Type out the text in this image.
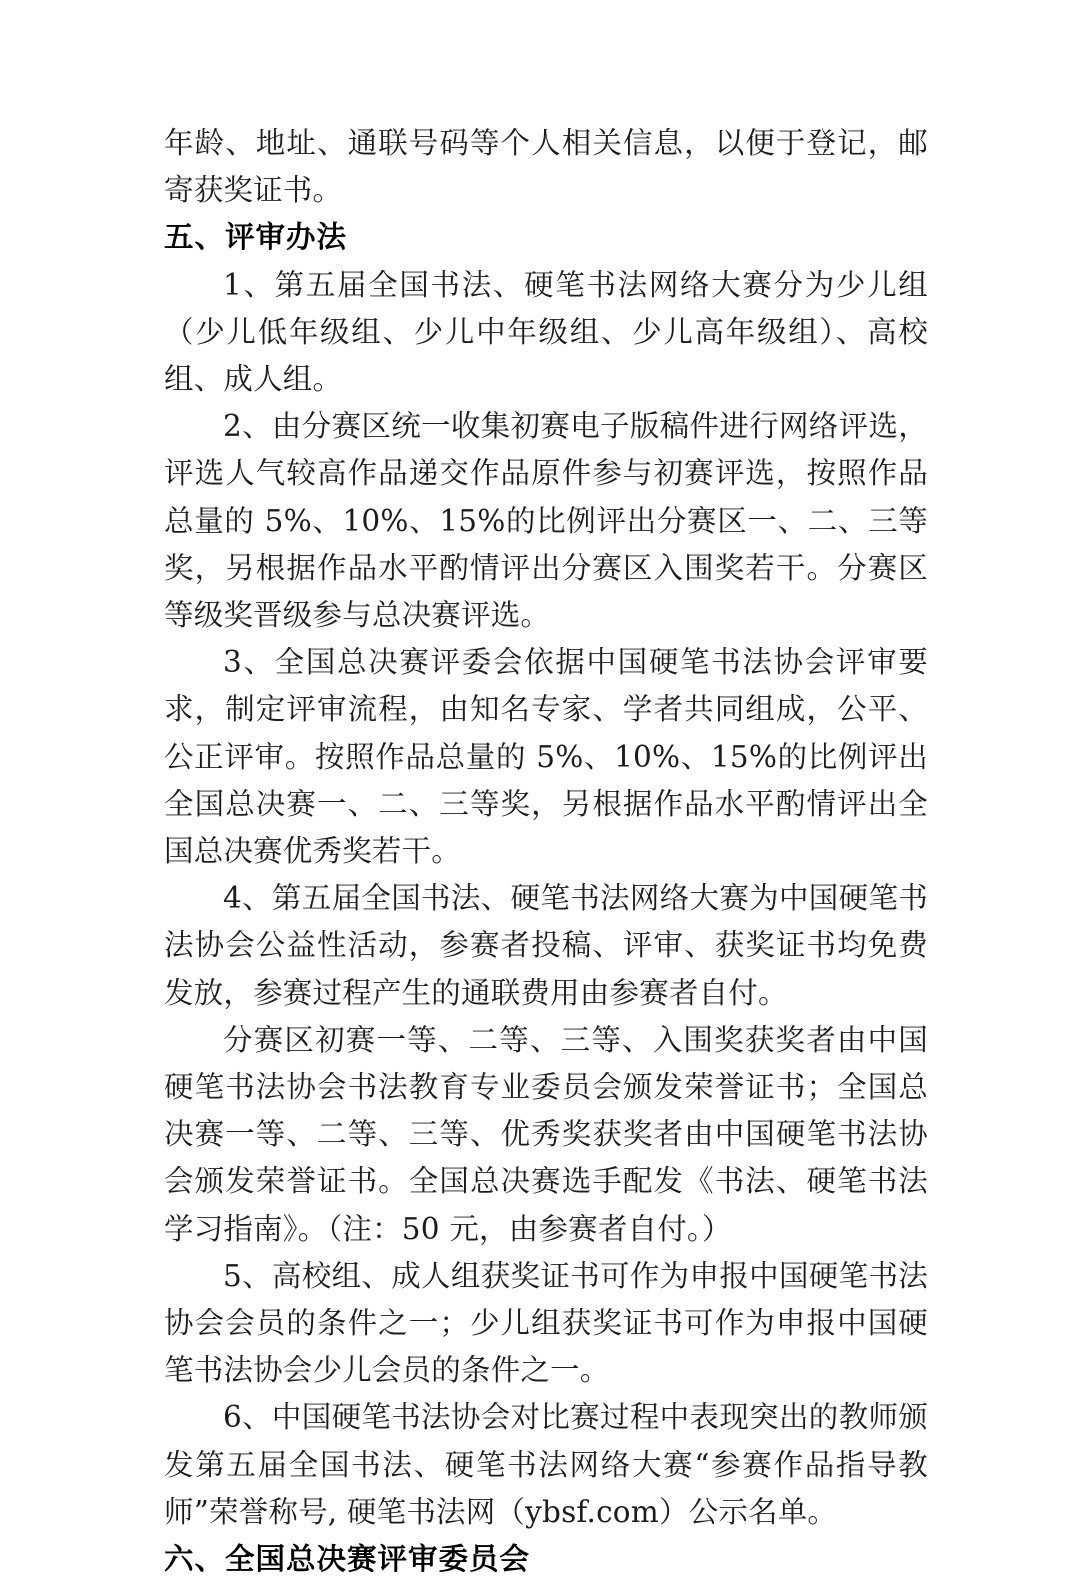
年龄、地址、通联号码等个人相关信息，以便于登记，邮寄获奖证书。

五、评审办法

1、第五届全国书法、硬笔书法网络大赛分为少儿组（少儿低年级组、少儿中年级组、少儿高年级组）、高校组、成人组。

2、由分赛区统一收集初赛电子版稿件进行网络评选，评选人气较高作品递交作品原件参与初赛评选，按照作品总量的 5%、10%、15%的比例评出分赛区一、二、三等奖，另根据作品水平酌情评出分赛区入围奖若干。分赛区等级奖晋级参与总决赛评选。

3、全国总决赛评委会依据中国硬笔书法协会评审要求，制定评审流程，由知名专家、学者共同组成，公平、公正评审。按照作品总量的 5%、10%、15%的比例评出全国总决赛一、二、三等奖，另根据作品水平酌情评出全国总决赛优秀奖若干。

4、第五届全国书法、硬笔书法网络大赛为中国硬笔书法协会公益性活动，参赛者投稿、评审、获奖证书均免费发放，参赛过程产生的通联费用由参赛者自付。

分赛区初赛一等、二等、三等、入围奖获奖者由中国硬笔书法协会书法教育专业委员会颁发荣誉证书；全国总决赛一等、二等、三等、优秀奖获奖者由中国硬笔书法协会颁发荣誉证书。全国总决赛选手配发《书法、硬笔书法学习指南》。（注：50 元，由参赛者自付。）

5、高校组、成人组获奖证书可作为申报中国硬笔书法协会会员的条件之一；少儿组获奖证书可作为申报中国硬笔书法协会少儿会员的条件之一。

6、中国硬笔书法协会对比赛过程中表现突出的教师颁发第五届全国书法、硬笔书法网络大赛“参赛作品指导教师”荣誉称号, 硬笔书法网（ybsf.com）公示名单。

六、全国总决赛评审委员会
